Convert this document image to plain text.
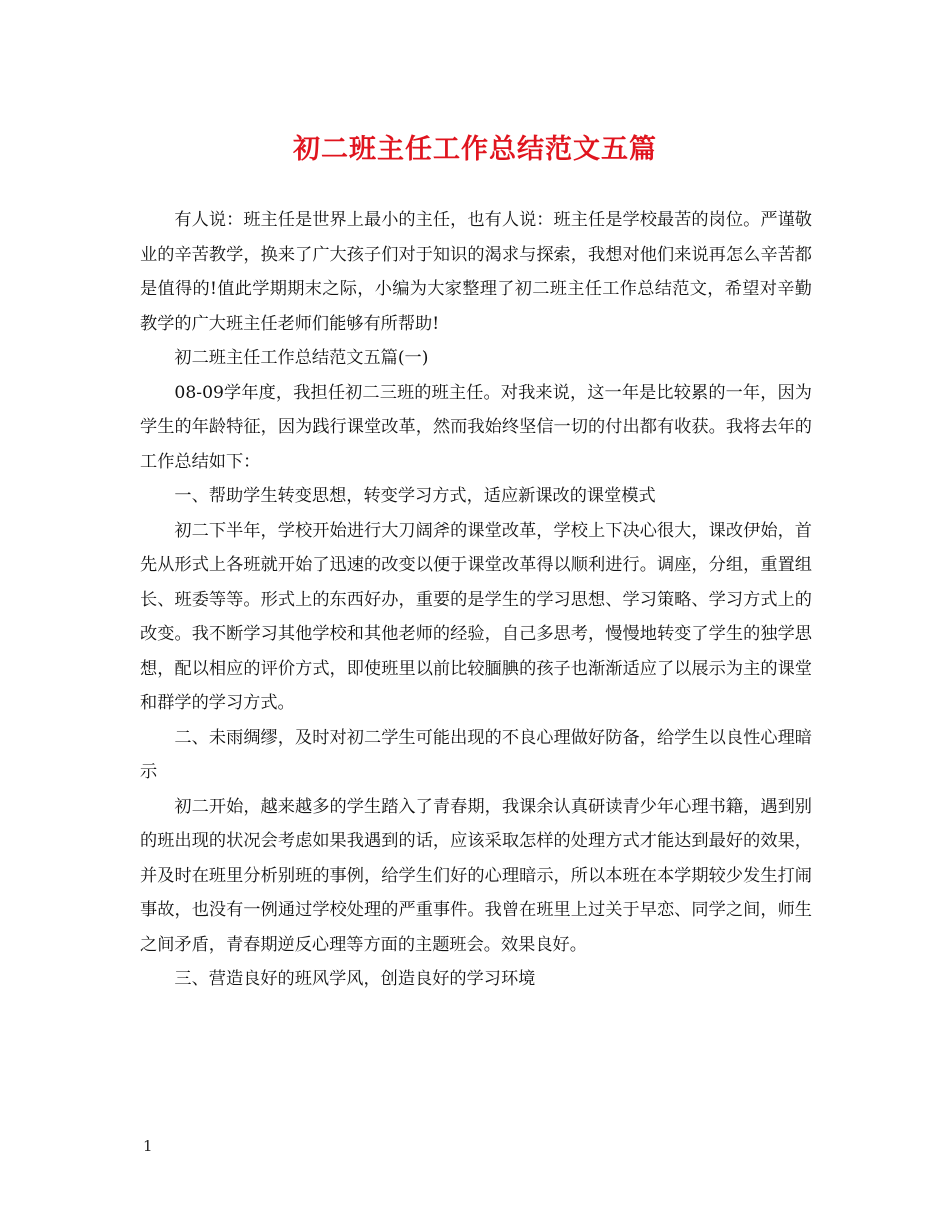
初二班主任工作总结范文五篇

有人说：班主任是世界上最小的主任，也有人说：班主任是学校最苦的岗位。严谨敬业的辛苦教学，换来了广大孩子们对于知识的渴求与探索，我想对他们来说再怎么辛苦都是值得的!值此学期期末之际，小编为大家整理了初二班主任工作总结范文，希望对辛勤教学的广大班主任老师们能够有所帮助!

初二班主任工作总结范文五篇(一)

08-09学年度，我担任初二三班的班主任。对我来说，这一年是比较累的一年，因为学生的年龄特征，因为践行课堂改革，然而我始终坚信一切的付出都有收获。我将去年的工作总结如下：

一、帮助学生转变思想，转变学习方式，适应新课改的课堂模式

初二下半年，学校开始进行大刀阔斧的课堂改革，学校上下决心很大，课改伊始，首先从形式上各班就开始了迅速的改变以便于课堂改革得以顺利进行。调座，分组，重置组长、班委等等。形式上的东西好办，重要的是学生的学习思想、学习策略、学习方式上的改变。我不断学习其他学校和其他老师的经验，自己多思考，慢慢地转变了学生的独学思想，配以相应的评价方式，即使班里以前比较腼腆的孩子也渐渐适应了以展示为主的课堂和群学的学习方式。

二、未雨绸缪，及时对初二学生可能出现的不良心理做好防备，给学生以良性心理暗示

初二开始，越来越多的学生踏入了青春期，我课余认真研读青少年心理书籍，遇到别的班出现的状况会考虑如果我遇到的话，应该采取怎样的处理方式才能达到最好的效果，并及时在班里分析别班的事例，给学生们好的心理暗示，所以本班在本学期较少发生打闹事故，也没有一例通过学校处理的严重事件。我曾在班里上过关于早恋、同学之间，师生之间矛盾，青春期逆反心理等方面的主题班会。效果良好。

三、营造良好的班风学风，创造良好的学习环境

1
